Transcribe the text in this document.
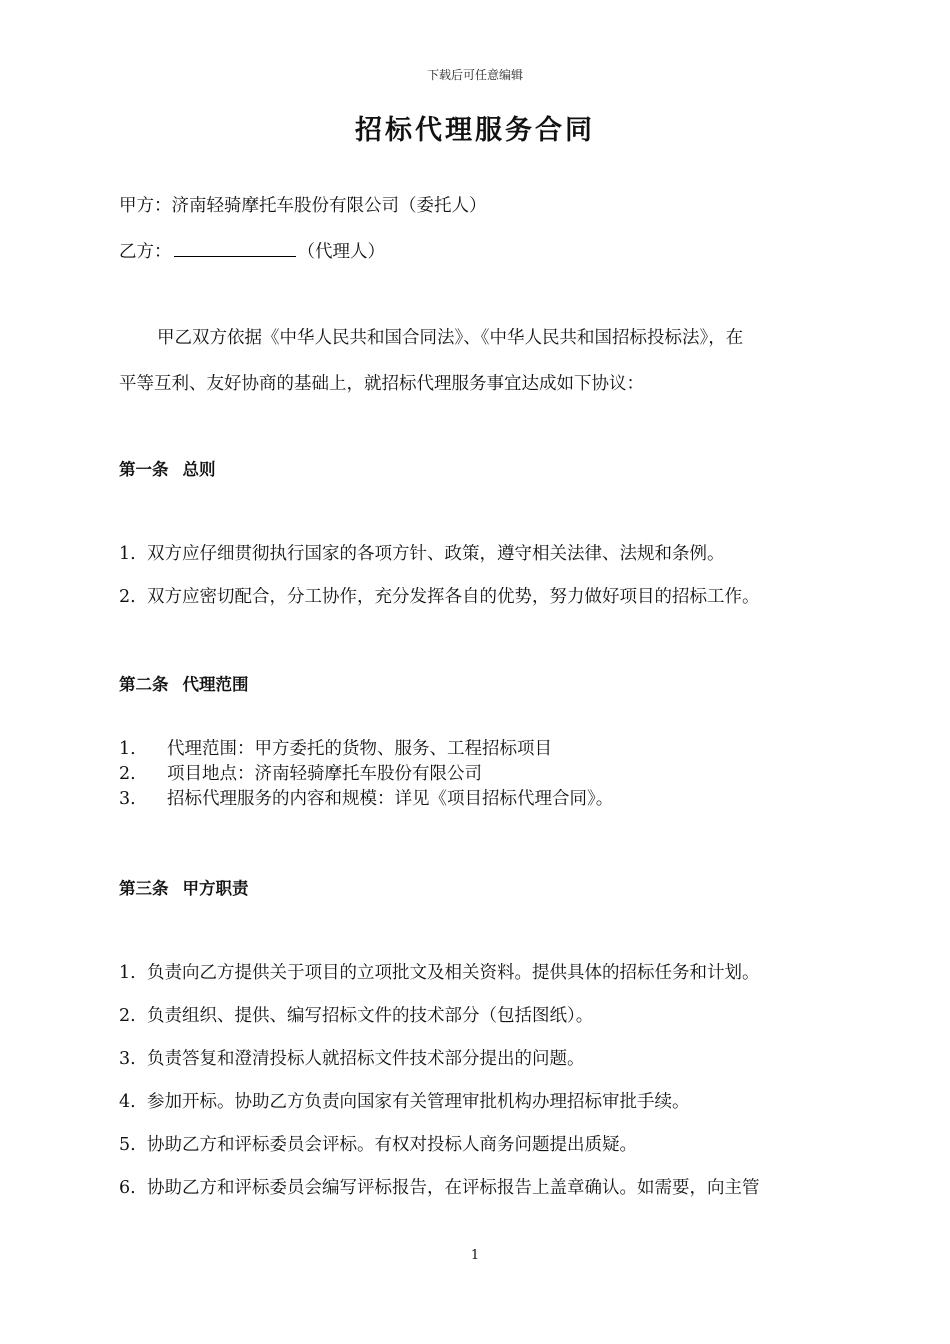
下载后可任意编辑
招标代理服务合同
甲方：济南轻骑摩托车股份有限公司（委托人）
乙方：	（代理人）
甲乙双方依据《中华人民共和国合同法》、《中华人民共和国招标投标法》，在
平等互利、友好协商的基础上，就招标代理服务事宜达成如下协议：
第一条 总则
1. 双方应仔细贯彻执行国家的各项方针、政策，遵守相关法律、法规和条例。
2. 双方应密切配合，分工协作，充分发挥各自的优势，努力做好项目的招标工作。
第二条 代理范围
1. 代理范围：甲方委托的货物、服务、工程招标项目
2. 项目地点：济南轻骑摩托车股份有限公司
3. 招标代理服务的内容和规模：详见《项目招标代理合同》。
第三条 甲方职责
1. 负责向乙方提供关于项目的立项批文及相关资料。提供具体的招标任务和计划。
2. 负责组织、提供、编写招标文件的技术部分（包括图纸）。
3. 负责答复和澄清投标人就招标文件技术部分提出的问题。
4. 参加开标。协助乙方负责向国家有关管理审批机构办理招标审批手续。
5. 协助乙方和评标委员会评标。有权对投标人商务问题提出质疑。
6. 协助乙方和评标委员会编写评标报告，在评标报告上盖章确认。如需要，向主管
1
